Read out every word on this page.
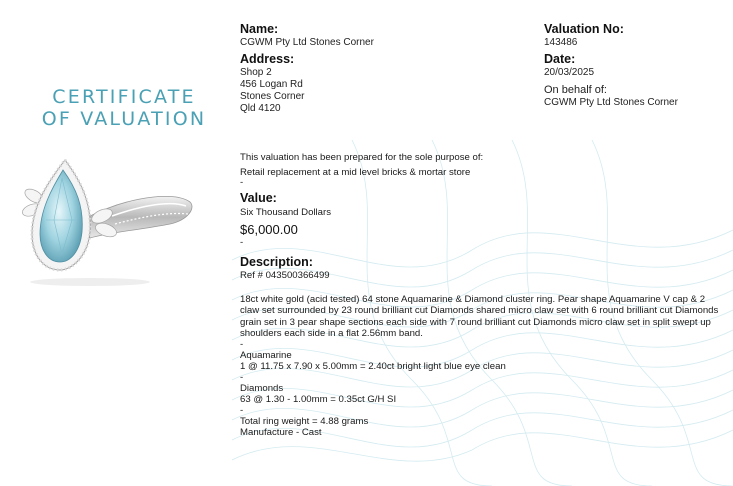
CERTIFICATE
OF VALUATION
Name:
CGWM Pty Ltd Stones Corner
Address:
Shop 2
456 Logan Rd
Stones Corner
Qld 4120
Valuation No:
143486
Date:
20/03/2025
On behalf of:
CGWM Pty Ltd Stones Corner
This valuation has been prepared for the sole purpose of:
Retail replacement at a mid level bricks & mortar store
-
Value:
Six Thousand Dollars
$6,000.00
-
Description:
Ref # 043500366499
18ct white gold (acid tested) 64 stone Aquamarine & Diamond cluster ring. Pear shape Aquamarine V cap & 2 claw set surrounded by 23 round brilliant cut Diamonds shared micro claw set with 6 round brilliant cut Diamonds grain set in 3 pear shape sections each side with 7 round brilliant cut Diamonds micro claw set in split swept up shoulders each side in a flat 2.56mm band.
-
Aquamarine
1 @ 11.75 x 7.90 x 5.00mm = 2.40ct bright light blue eye clean
-
Diamonds
63 @ 1.30 - 1.00mm = 0.35ct G/H SI
-
Total ring weight = 4.88 grams
Manufacture - Cast
